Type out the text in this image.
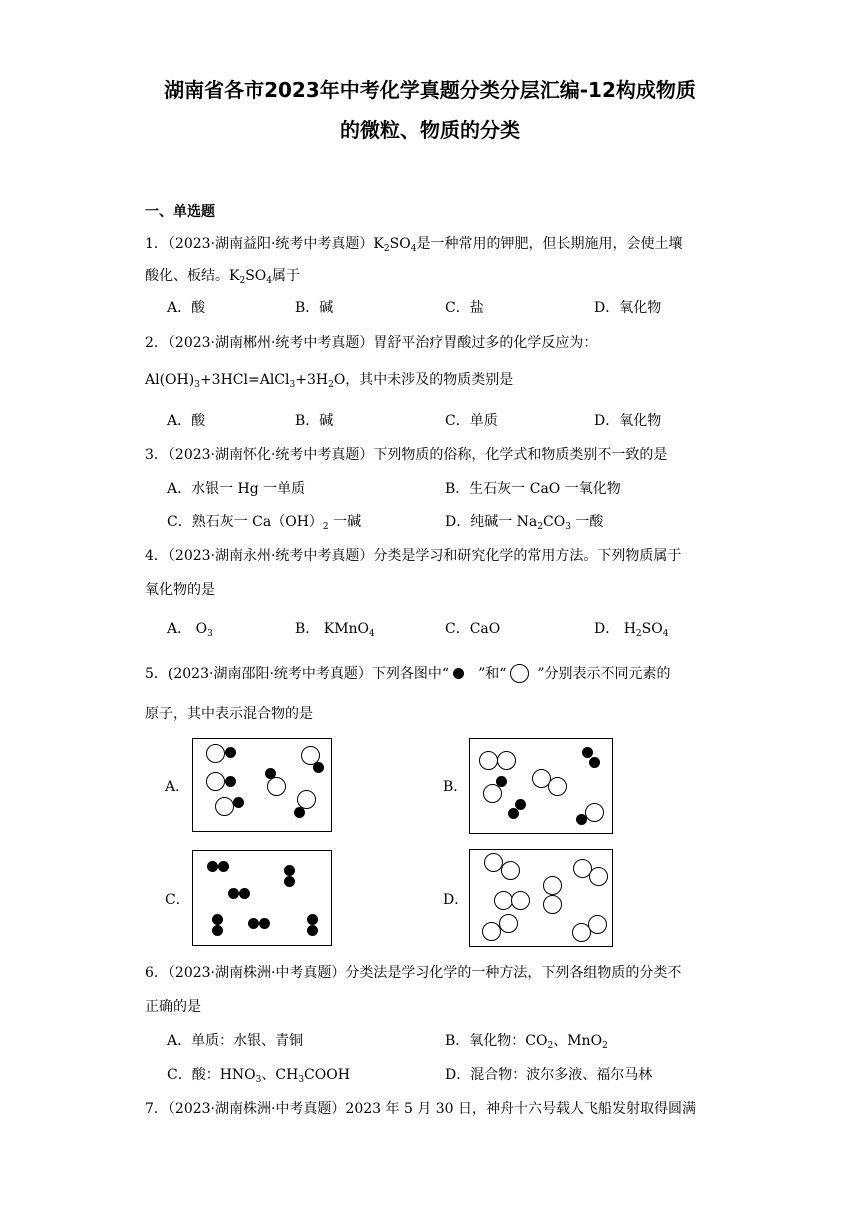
湖南省各市2023年中考化学真题分类分层汇编-12构成物质
的微粒、物质的分类
一、单选题
1．（2023·湖南益阳·统考中考真题）$K_2SO_4$是一种常用的钾肥，但长期施用，会使土壤
酸化、板结。$K_2SO_4$属于
A．酸	B．碱	C．盐	D．氧化物
2．（2023·湖南郴州·统考中考真题）胃舒平治疗胃酸过多的化学反应为：
$Al(OH)_3+3HCl=AlCl_3+3H_2O$，其中未涉及的物质类别是
A．酸	B．碱	C．单质	D．氧化物
3．（2023·湖南怀化·统考中考真题）下列物质的俗称，化学式和物质类别不一致的是
A．水银一 Hg 一单质	B．生石灰一 CaO 一氧化物
C．熟石灰一 $Ca(OH)_2$ 一碱	D．纯碱一 $Na_2CO_3$ 一酸
4．（2023·湖南永州·统考中考真题）分类是学习和研究化学的常用方法。下列物质属于
氧化物的是
A． $O_3$	B． KMnO$_4$	C．CaO	D． $H_2SO_4$
5．(2023·湖南邵阳·统考中考真题）下列各图中“ ”和“ ”分别表示不同元素的
原子，其中表示混合物的是
A．	B．
C．	D．
6．（2023·湖南株洲·中考真题）分类法是学习化学的一种方法，下列各组物质的分类不
正确的是
A．单质：水银、青铜	B．氧化物：$CO_2$、MnO$_2$
C．酸：$HNO_3$、$CH_3COOH$	D．混合物：波尔多液、福尔马林
7．（2023·湖南株洲·中考真题）2023 年 5 月 30 日，神舟十六号载人飞船发射取得圆满
